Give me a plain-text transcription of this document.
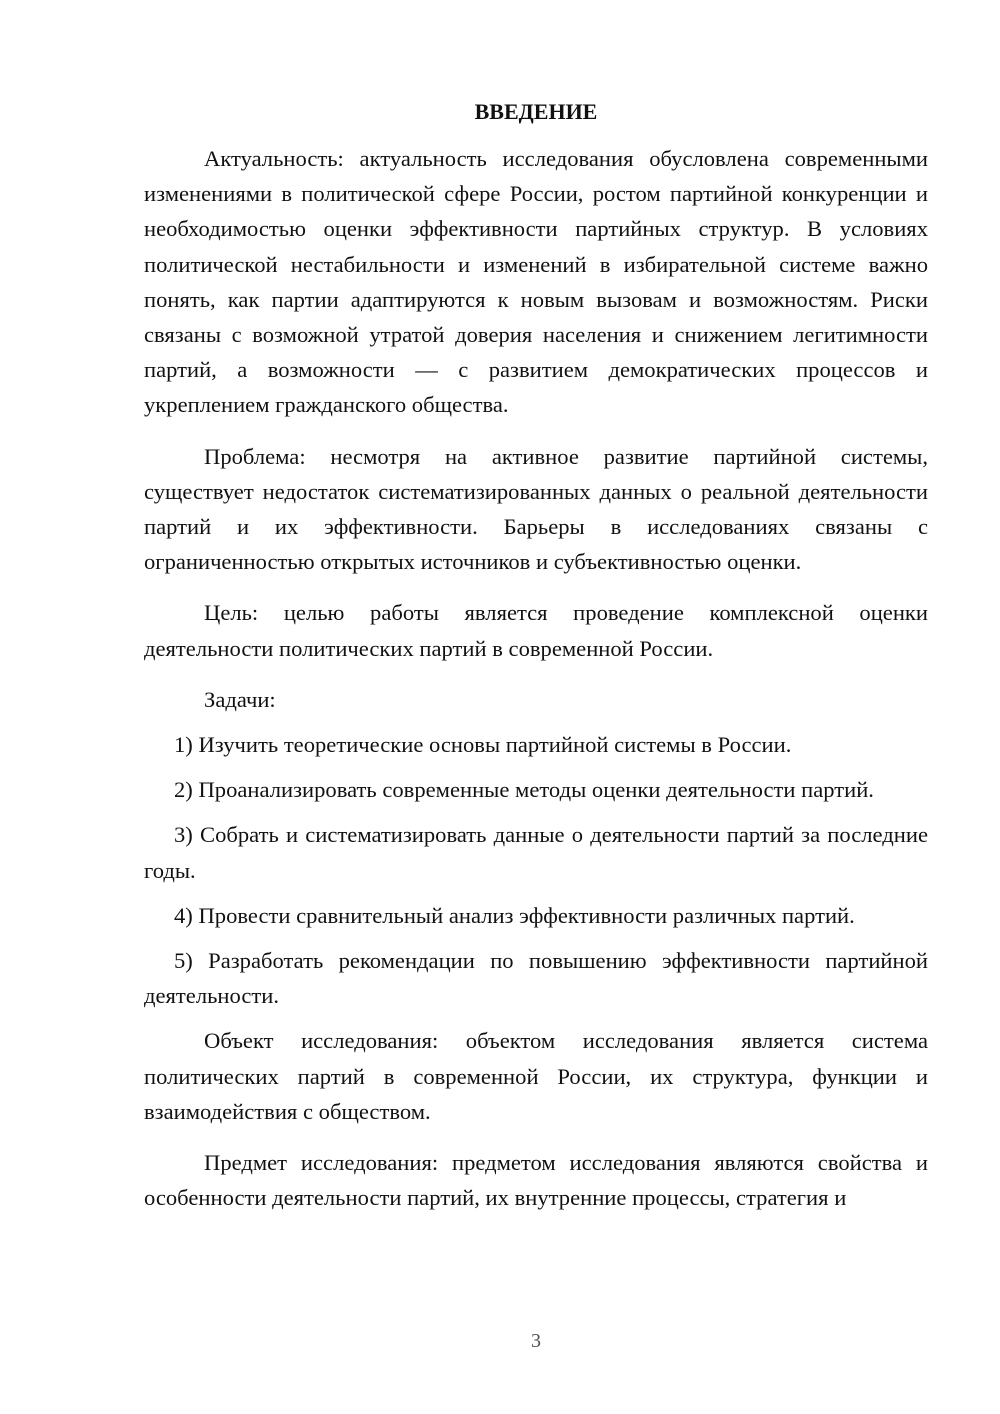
ВВЕДЕНИЕ

Актуальность: актуальность исследования обусловлена современными изменениями в политической сфере России, ростом партийной конкуренции и необходимостью оценки эффективности партийных структур. В условиях политической нестабильности и изменений в избирательной системе важно понять, как партии адаптируются к новым вызовам и возможностям. Риски связаны с возможной утратой доверия населения и снижением легитимности партий, а возможности — с развитием демократических процессов и укреплением гражданского общества.

Проблема: несмотря на активное развитие партийной системы, существует недостаток систематизированных данных о реальной деятельности партий и их эффективности. Барьеры в исследованиях связаны с ограниченностью открытых источников и субъективностью оценки.

Цель: целью работы является проведение комплексной оценки деятельности политических партий в современной России.

Задачи:

1) Изучить теоретические основы партийной системы в России.

2) Проанализировать современные методы оценки деятельности партий.

3) Собрать и систематизировать данные о деятельности партий за последние годы.

4) Провести сравнительный анализ эффективности различных партий.

5) Разработать рекомендации по повышению эффективности партийной деятельности.

Объект исследования: объектом исследования является система политических партий в современной России, их структура, функции и взаимодействия с обществом.

Предмет исследования: предметом исследования являются свойства и особенности деятельности партий, их внутренние процессы, стратегия и

3
